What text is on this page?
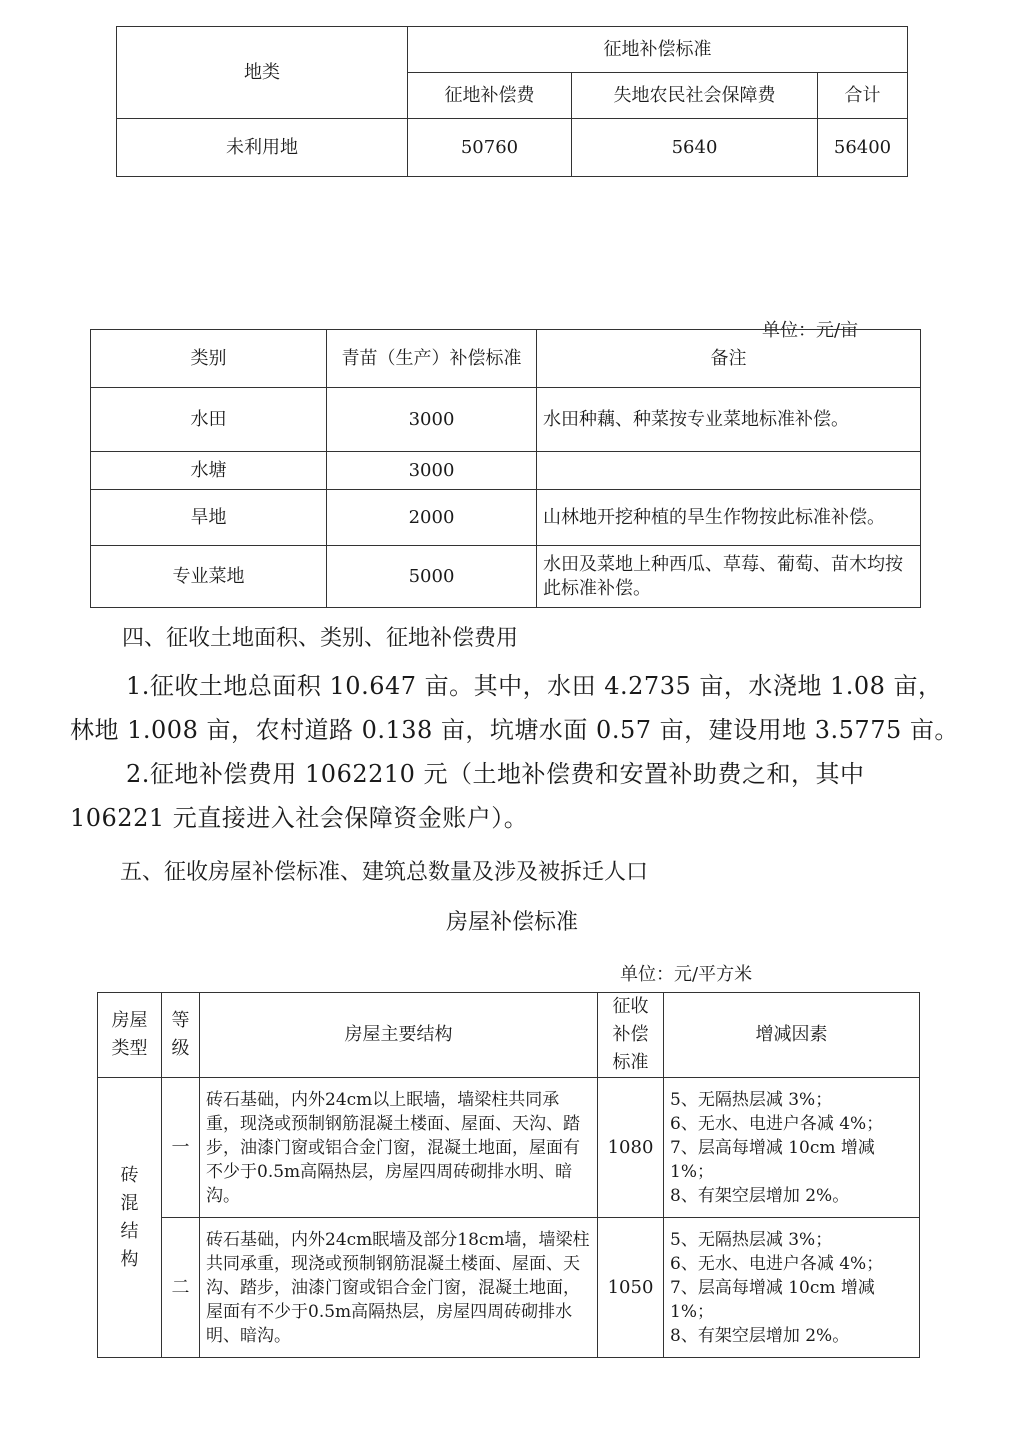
地类	征地补偿标准		
	征地补偿费	失地农民社会保障费	合计
未利用地	50760	5640	56400
单位：元/亩
类别	青苗（生产）补偿标准	备注
水田	3000	水田种藕、种菜按专业菜地标准补偿。
水塘	3000	
旱地	2000	山林地开挖种植的旱生作物按此标准补偿。
专业菜地	5000	水田及菜地上种西瓜、草莓、葡萄、苗木均按此标准补偿。
四、征收土地面积、类别、征地补偿费用
1.征收土地总面积 10.647 亩。其中，水田 4.2735 亩，水浇地 1.08 亩，
林地 1.008 亩，农村道路 0.138 亩，坑塘水面 0.57 亩，建设用地 3.5775 亩。
2.征地补偿费用 1062210 元（土地补偿费和安置补助费之和，其中
106221 元直接进入社会保障资金账户）。
五、征收房屋补偿标准、建筑总数量及涉及被拆迁人口
房屋补偿标准
单位：元/平方米
房屋类型	等级	房屋主要结构	征收补偿标准	增减因素
砖混结构	一	砖石基础，内外24cm以上眠墙，墙梁柱共同承重，现浇或预制钢筋混凝土楼面、屋面、天沟、踏步，油漆门窗或铝合金门窗，混凝土地面，屋面有不少于0.5m高隔热层，房屋四周砖砌排水明、暗沟。	1080	5、无隔热层减 3%；
6、无水、电进户各减 4%；
7、层高每增减 10cm 增减 1%；
8、有架空层增加 2%。

	二	砖石基础，内外24cm眠墙及部分18cm墙，墙梁柱共同承重，现浇或预制钢筋混凝土楼面、屋面、天沟、踏步，油漆门窗或铝合金门窗，混凝土地面，屋面有不少于0.5m高隔热层，房屋四周砖砌排水明、暗沟。	1050	5、无隔热层减 3%；
6、无水、电进户各减 4%；
7、层高每增减 10cm 增减 1%；
8、有架空层增加 2%。
